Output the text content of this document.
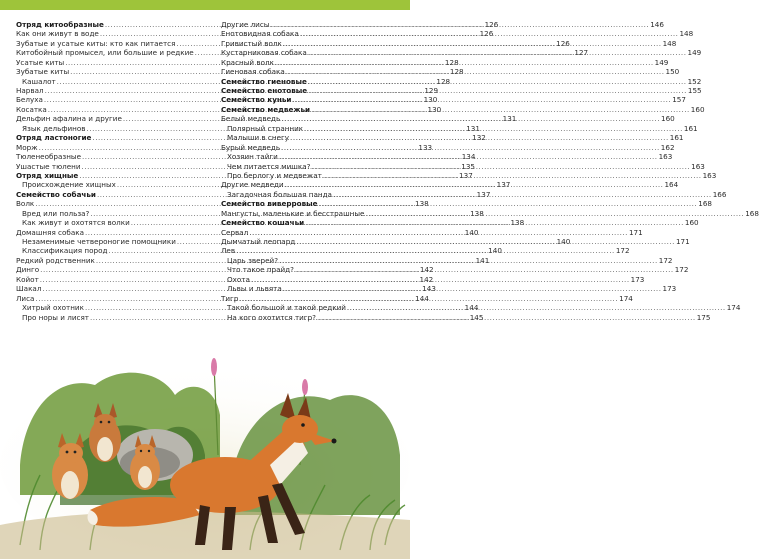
Отряд китообразные .....	126
Как они живут в воде .....	126
Зубатые и усатые киты: кто как питается .....	126
Китобойный промысел, или большие и редкие .....	127
Усатые киты .....	128
Зубатые киты .....	128
Кашалот .....	128
Нарвал .....	129
Белуха .....	130
Косатка .....	130
Дельфин афалина и другие .....	131
Язык дельфинов .....	131
Отряд ластоногие .....	132
Морж .....	133
Тюленеобразные .....	134
Ушастые тюлени .....	135
Отряд хищные .....	137
Происхождение хищных .....	137
Семейство собачьи .....	137
Волк .....	138
Вред или польза? .....	138
Как живут и охотятся волки .....	138
Домашняя собака .....	140
Незаменимые четвероногие помощники .....	140
Классификация пород .....	140
Редкий родственник .....	141
Динго .....	142
Койот .....	142
Шакал .....	143
Лиса .....	144
Хитрый охотник .....	144
Про норы и лисят .....	145
Другие лисы .....	146
Енотовидная собака .....	148
Гривистый волк .....	148
Кустарниковая собака .....	149
Красный волк .....	149
Гиеновая собака .....	150
Семейство гиеновые .....	152
Семейство енотовые .....	155
Семейство куньи .....	157
Семейство медвежьи .....	160
Белый медведь .....	160
Полярный странник .....	161
Малыши в снегу .....	161
Бурый медведь .....	162
Хозяин тайги .....	163
Чем питается мишка? .....	163
Про берлогу и медвежат .....	163
Другие медведи .....	164
Загадочная большая панда .....	166
Семейство виверровые .....	168
Мангусты, маленькие и бесстрашные .....	168
Семейство кошачьи .....	160
Сервал .....	171
Дымчатый леопард .....	171
Лев .....	172
Царь зверей? .....	172
Что такое прайд? .....	172
Охота .....	173
Львы и львята .....	173
Тигр .....	174
Такой большой и такой редкий .....	174
На кого охотится тигр? .....	175
